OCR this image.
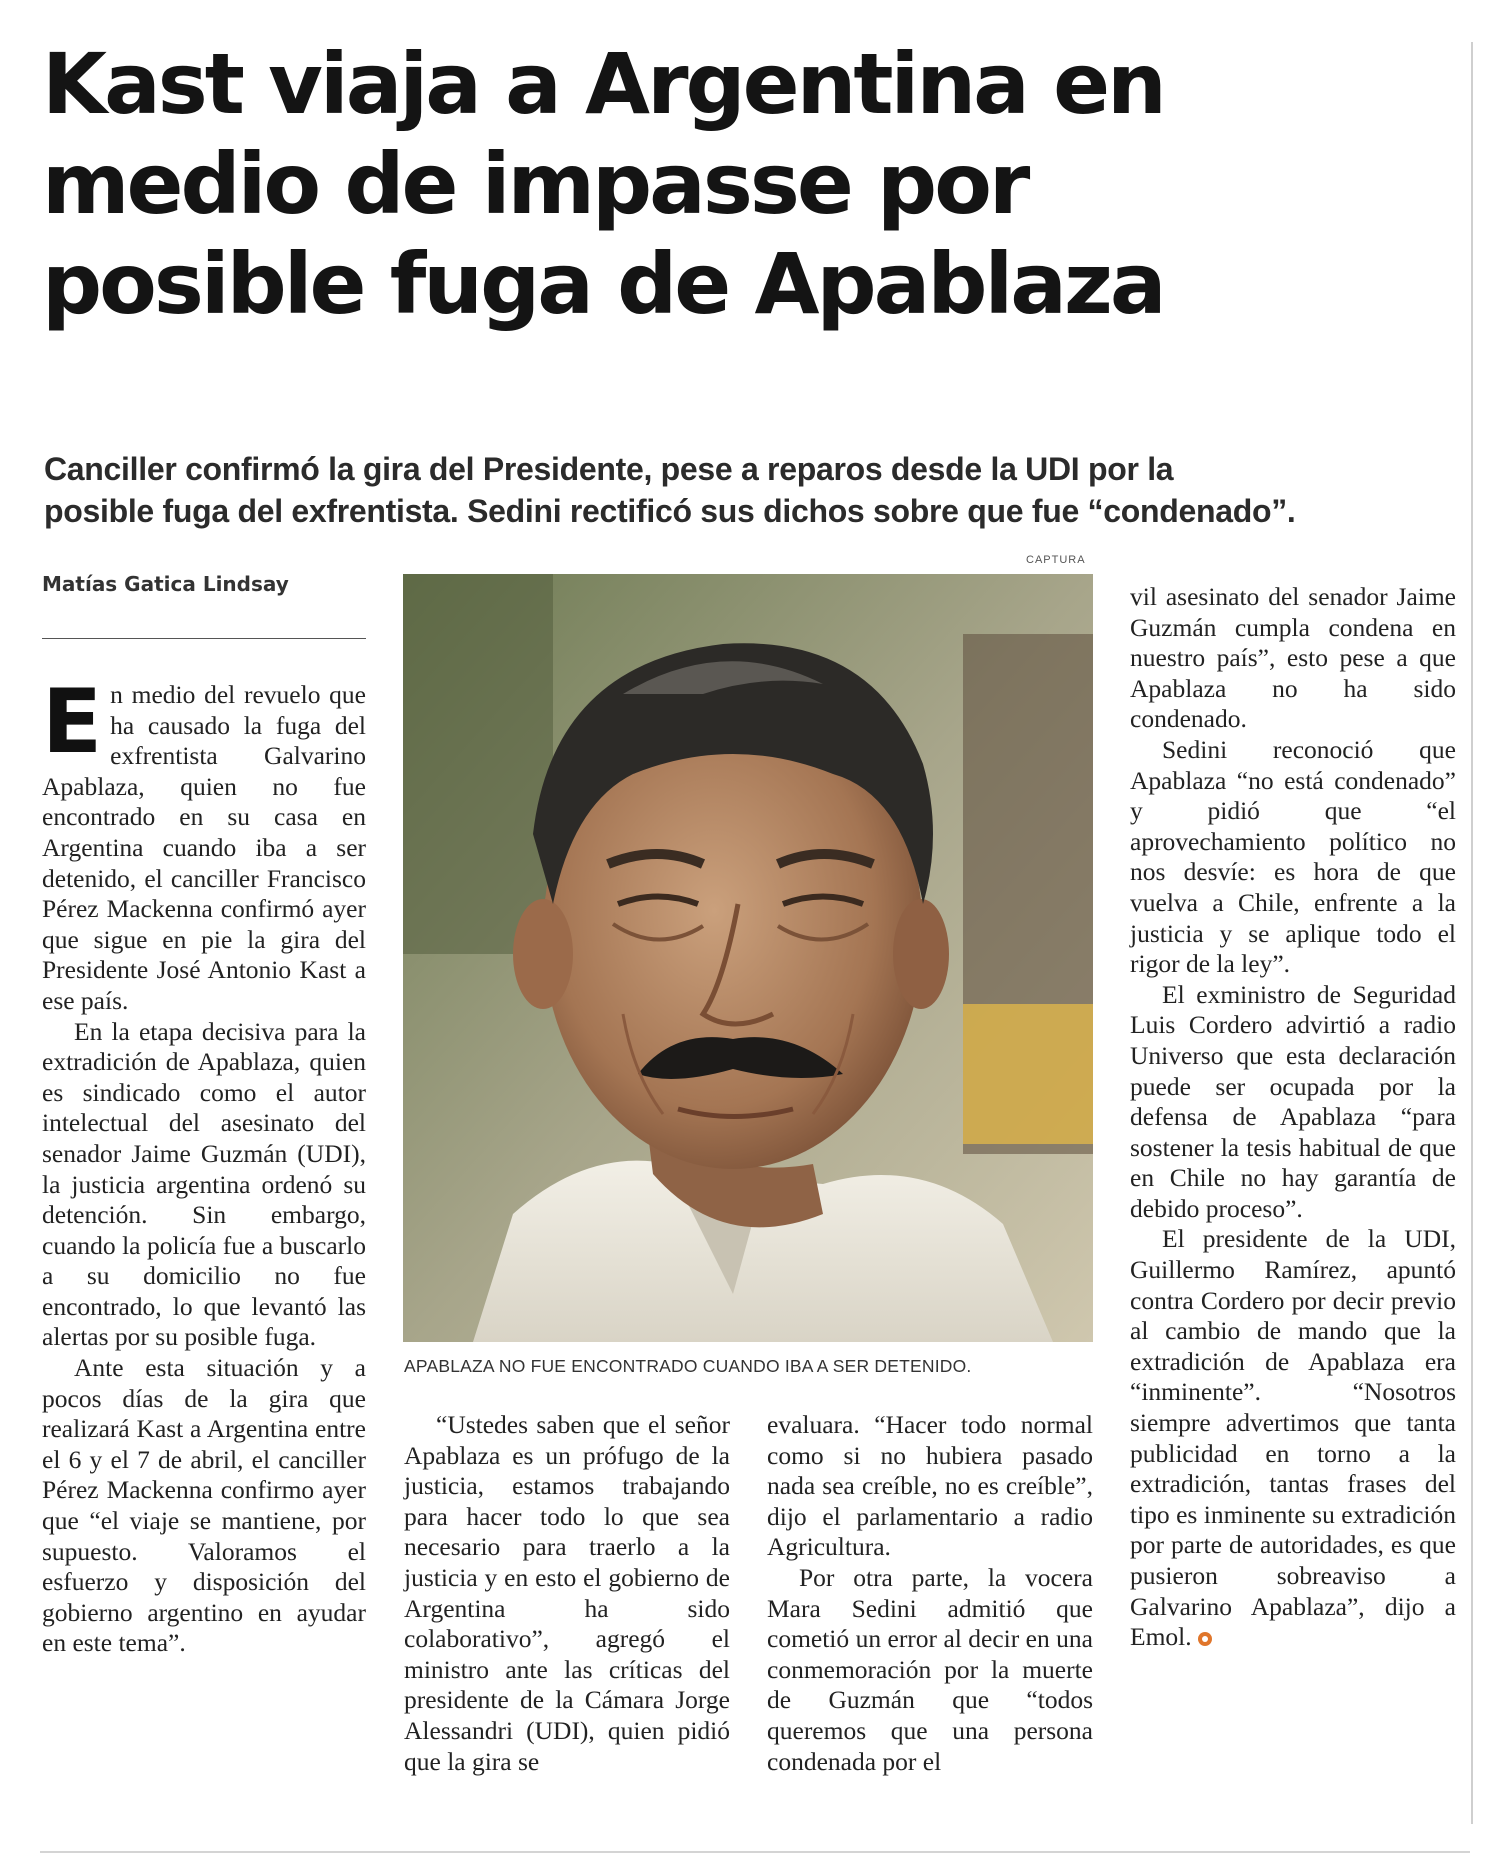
Kast viaja a Argentina en
medio de impasse por
posible fuga de Apablaza
Canciller confirmó la gira del Presidente, pese a reparos desde la UDI por la
posible fuga del exfrentista. Sedini rectificó sus dichos sobre que fue “condenado”.
Matías Gatica Lindsay

En medio del revuelo que ha causado la fuga del exfrentista Galvarino Apablaza, quien no fue encontrado en su casa en Argentina cuando iba a ser detenido, el canciller Francisco Pérez Mackenna confirmó ayer que sigue en pie la gira del Presidente José Antonio Kast a ese país.

En la etapa decisiva para la extradición de Apablaza, quien es sindicado como el autor intelectual del asesinato del senador Jaime Guzmán (UDI), la justicia argentina ordenó su detención. Sin embargo, cuando la policía fue a buscarlo a su domicilio no fue encontrado, lo que levantó las alertas por su posible fuga.

Ante esta situación y a pocos días de la gira que realizará Kast a Argentina entre el 6 y el 7 de abril, el canciller Pérez Mackenna confirmo ayer que “el viaje se mantiene, por supuesto. Valoramos el esfuerzo y disposición del gobierno argentino en ayudar en este tema”.

CAPTURA
APABLAZA NO FUE ENCONTRADO CUANDO IBA A SER DETENIDO.

“Ustedes saben que el señor Apablaza es un prófugo de la justicia, estamos trabajando para hacer todo lo que sea necesario para traerlo a la justicia y en esto el gobierno de Argentina ha sido colaborativo”, agregó el ministro ante las críticas del presidente de la Cámara Jorge Alessandri (UDI), quien pidió que la gira se

evaluara. “Hacer todo normal como si no hubiera pasado nada sea creíble, no es creíble”, dijo el parlamentario a radio Agricultura.

Por otra parte, la vocera Mara Sedini admitió que cometió un error al decir en una conmemoración por la muerte de Guzmán que “todos queremos que una persona condenada por el

vil asesinato del senador Jaime Guzmán cumpla condena en nuestro país”, esto pese a que Apablaza no ha sido condenado.

Sedini reconoció que Apablaza “no está condenado” y pidió que “el aprovechamiento político no nos desvíe: es hora de que vuelva a Chile, enfrente a la justicia y se aplique todo el rigor de la ley”.

El exministro de Seguridad Luis Cordero advirtió a radio Universo que esta declaración puede ser ocupada por la defensa de Apablaza “para sostener la tesis habitual de que en Chile no hay garantía de debido proceso”.

El presidente de la UDI, Guillermo Ramírez, apuntó contra Cordero por decir previo al cambio de mando que la extradición de Apablaza era “inminente”. “Nosotros siempre advertimos que tanta publicidad en torno a la extradición, tantas frases del tipo es inminente su extradición por parte de autoridades, es que pusieron sobreaviso a Galvarino Apablaza”, dijo a Emol.
